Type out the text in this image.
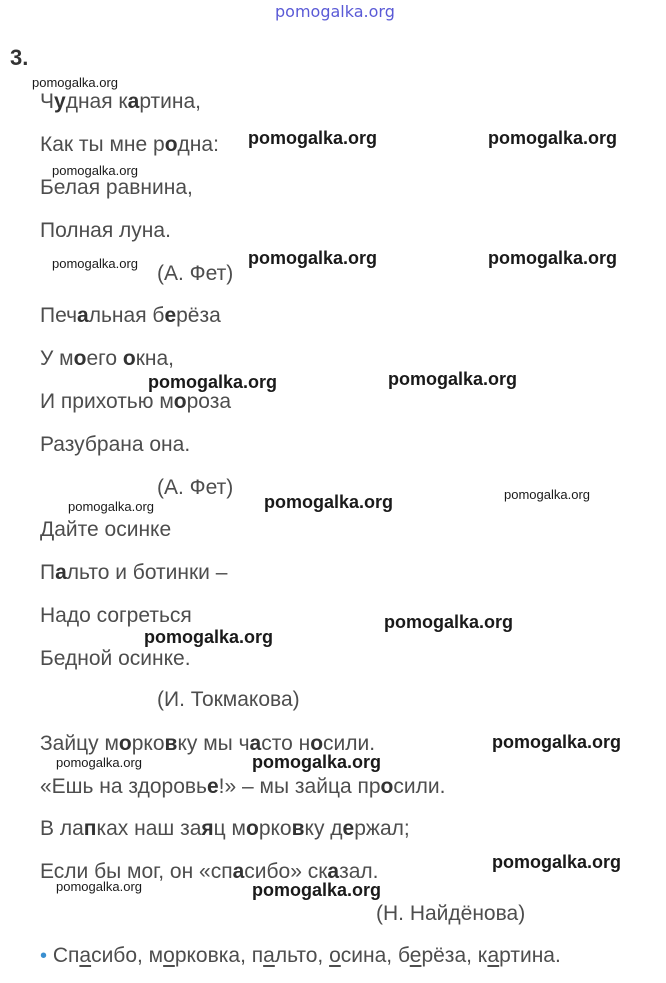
pomogalka.org
3.
Чудная картина,
Как ты мне родна:
Белая равнина,
Полная луна.
(А. Фет)
Печальная берёза
У моего окна,
И прихотью мороза
Разубрана она.
(А. Фет)
Дайте осинке
Пальто и ботинки –
Надо согреться
Бедной осинке.
(И. Токмакова)
Зайцу морковку мы часто носили.
«Ешь на здоровье!» – мы зайца просили.
В лапках наш заяц морковку держал;
Если бы мог, он «спасибо» сказал.
(Н. Найдёнова)
• Спасибо, морковка, пальто, осина, берёза, картина.
pomogalka.org
pomogalka.org	pomogalka.org
pomogalka.org
pomogalka.org	pomogalka.org	pomogalka.org
pomogalka.org	pomogalka.org
pomogalka.org	pomogalka.org	pomogalka.org
pomogalka.org
pomogalka.org
pomogalka.org
pomogalka.org	pomogalka.org
pomogalka.org
pomogalka.org	pomogalka.org
